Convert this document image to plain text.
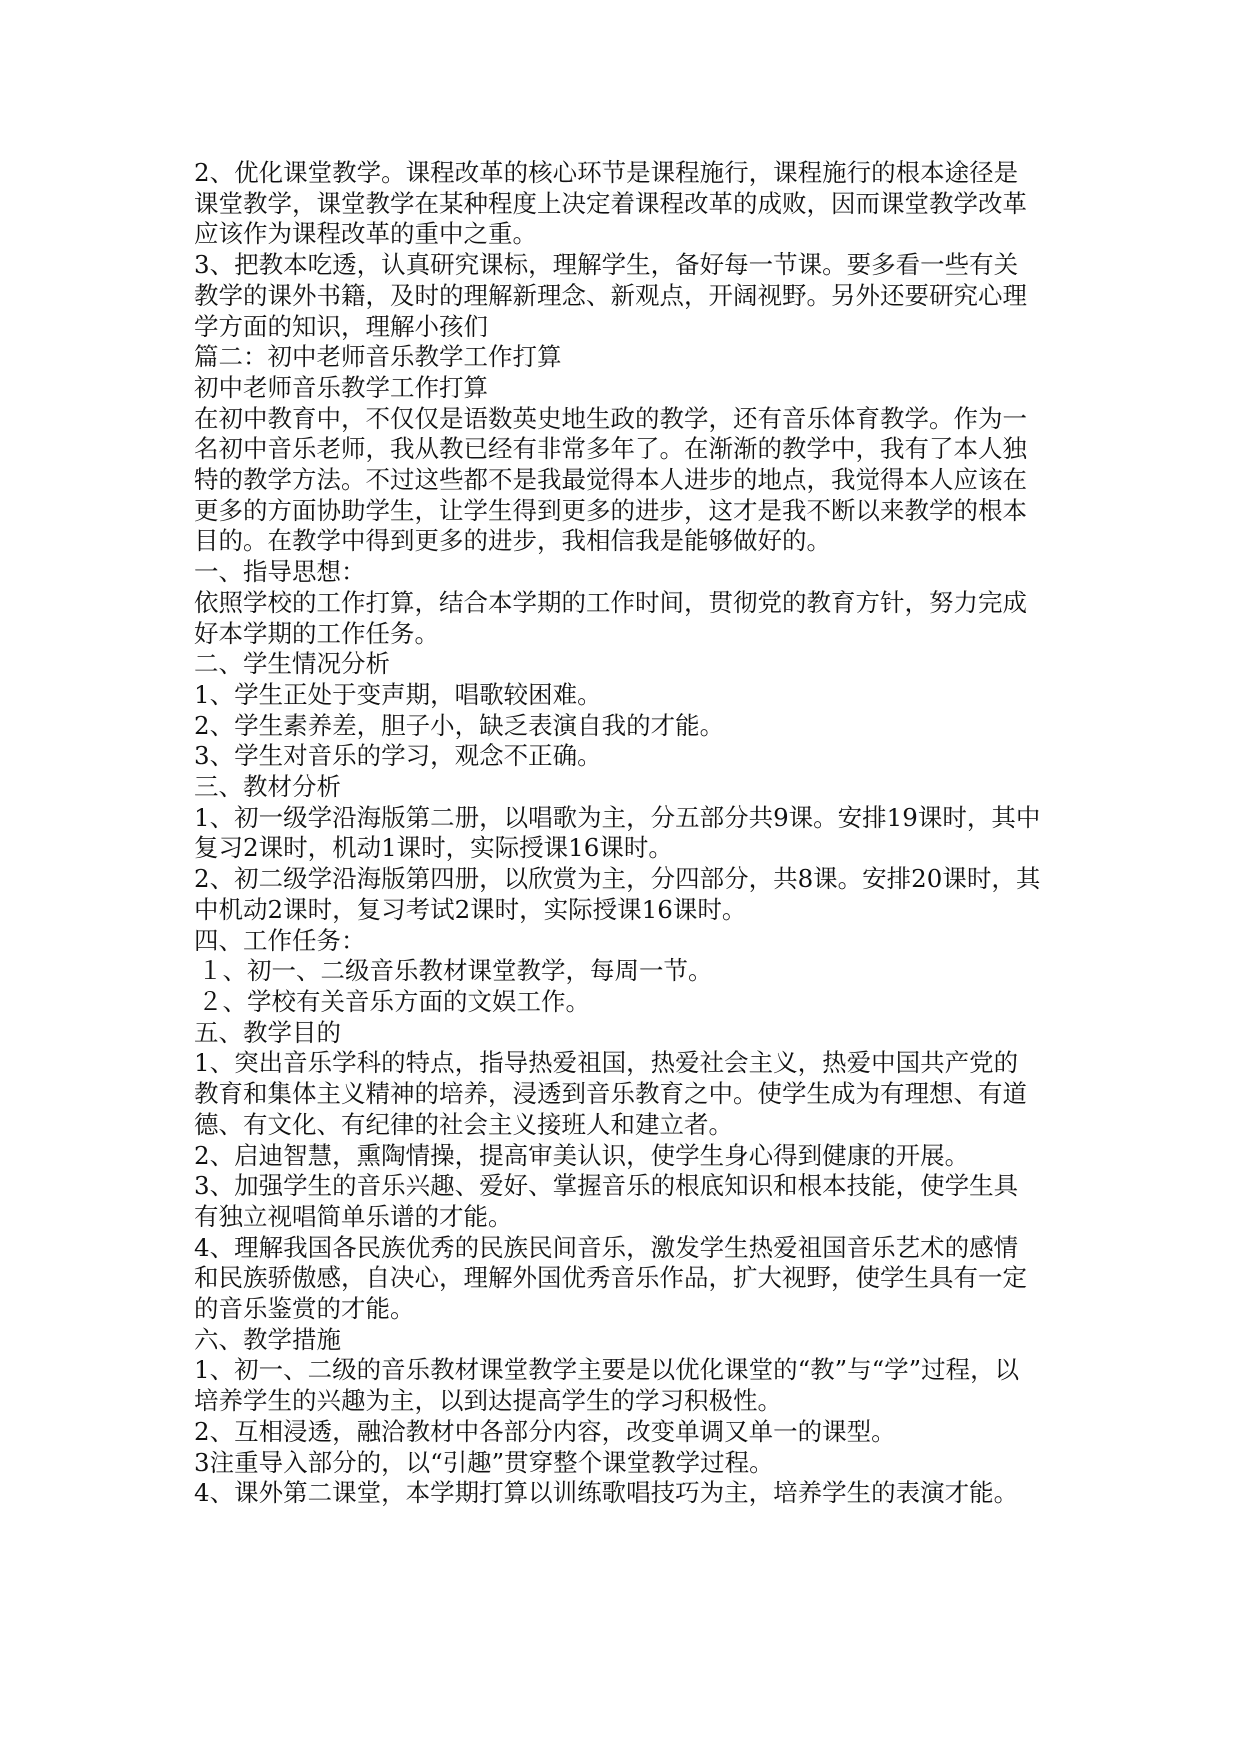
2、优化课堂教学。课程改革的核心环节是课程施行，课程施行的根本途径是

课堂教学，课堂教学在某种程度上决定着课程改革的成败，因而课堂教学改革

应该作为课程改革的重中之重。

3、把教本吃透，认真研究课标，理解学生，备好每一节课。要多看一些有关

教学的课外书籍，及时的理解新理念、新观点，开阔视野。另外还要研究心理

学方面的知识，理解小孩们

篇二：初中老师音乐教学工作打算

初中老师音乐教学工作打算

在初中教育中，不仅仅是语数英史地生政的教学，还有音乐体育教学。作为一

名初中音乐老师，我从教已经有非常多年了。在渐渐的教学中，我有了本人独

特的教学方法。不过这些都不是我最觉得本人进步的地点，我觉得本人应该在

更多的方面协助学生，让学生得到更多的进步，这才是我不断以来教学的根本

目的。在教学中得到更多的进步，我相信我是能够做好的。

一、指导思想：

依照学校的工作打算，结合本学期的工作时间，贯彻党的教育方针，努力完成

好本学期的工作任务。

二、学生情况分析

1、学生正处于变声期，唱歌较困难。

2、学生素养差，胆子小，缺乏表演自我的才能。

3、学生对音乐的学习，观念不正确。

三、教材分析

1、初一级学沿海版第二册，以唱歌为主，分五部分共9课。安排19课时，其中

复习2课时，机动1课时，实际授课16课时。

2、初二级学沿海版第四册，以欣赏为主，分四部分，共8课。安排20课时，其

中机动2课时，复习考试2课时，实际授课16课时。

四、工作任务：

１、初一、二级音乐教材课堂教学，每周一节。

２、学校有关音乐方面的文娱工作。

五、教学目的

1、突出音乐学科的特点，指导热爱祖国，热爱社会主义，热爱中国共产党的

教育和集体主义精神的培养，浸透到音乐教育之中。使学生成为有理想、有道

德、有文化、有纪律的社会主义接班人和建立者。

2、启迪智慧，熏陶情操，提高审美认识，使学生身心得到健康的开展。

3、加强学生的音乐兴趣、爱好、掌握音乐的根底知识和根本技能，使学生具

有独立视唱简单乐谱的才能。

4、理解我国各民族优秀的民族民间音乐，激发学生热爱祖国音乐艺术的感情

和民族骄傲感，自决心，理解外国优秀音乐作品，扩大视野，使学生具有一定

的音乐鉴赏的才能。

六、教学措施

1、初一、二级的音乐教材课堂教学主要是以优化课堂的“教”与“学”过程，以

培养学生的兴趣为主，以到达提高学生的学习积极性。

2、互相浸透，融洽教材中各部分内容，改变单调又单一的课型。

3注重导入部分的，以“引趣”贯穿整个课堂教学过程。

4、课外第二课堂，本学期打算以训练歌唱技巧为主，培养学生的表演才能。
